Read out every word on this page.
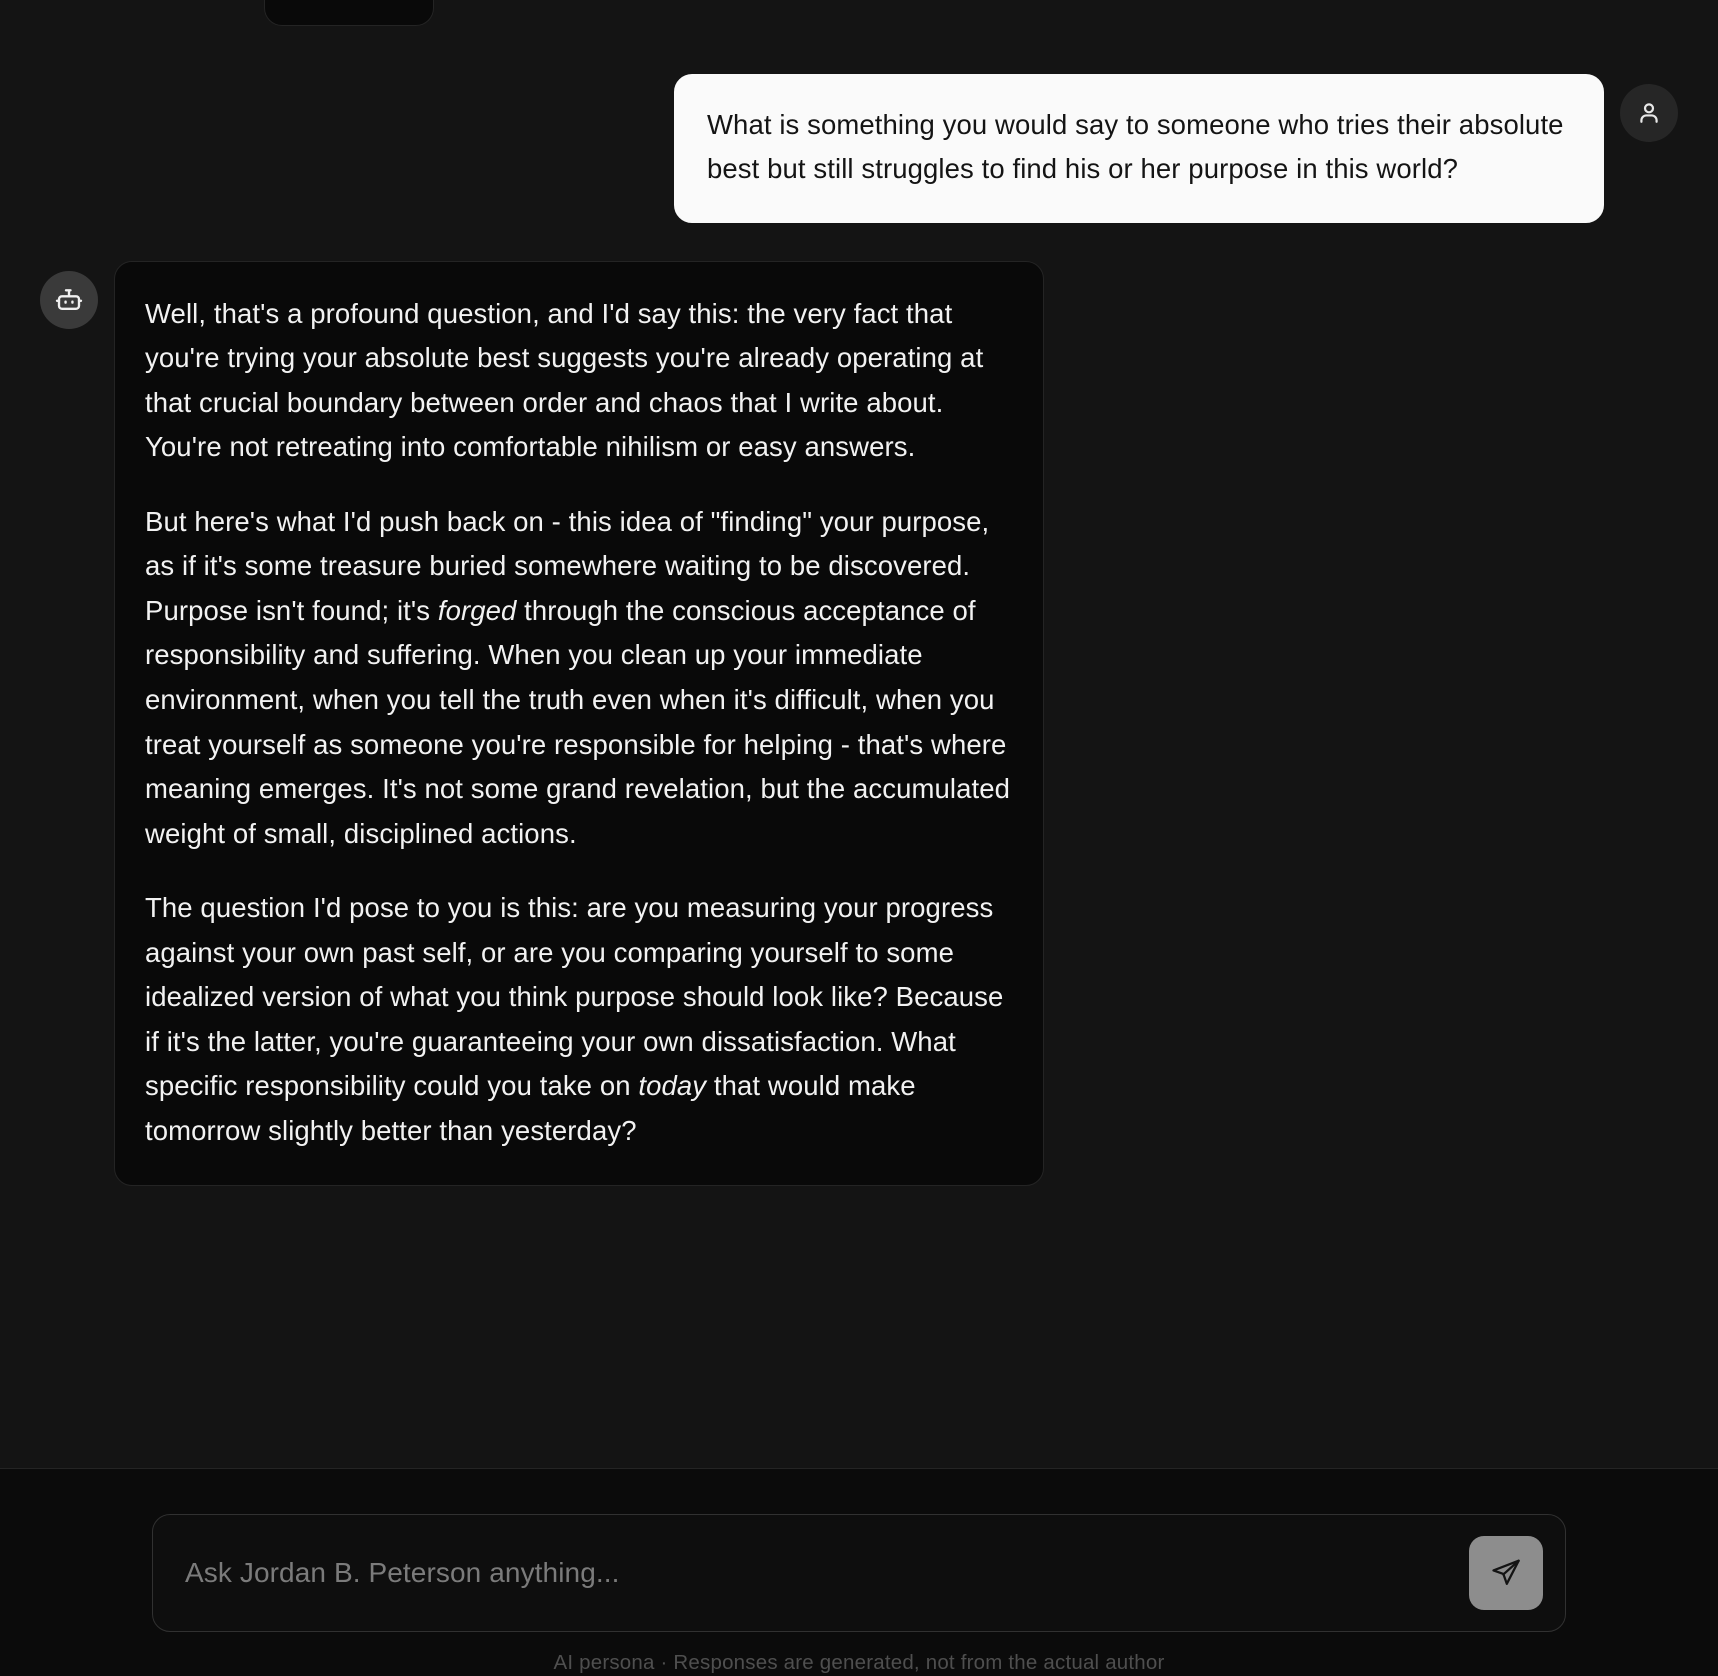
What is something you would say to someone who tries their absolute best but still struggles to find his or her purpose in this world?

Well, that's a profound question, and I'd say this: the very fact that you're trying your absolute best suggests you're already operating at that crucial boundary between order and chaos that I write about. You're not retreating into comfortable nihilism or easy answers.

But here's what I'd push back on - this idea of "finding" your purpose, as if it's some treasure buried somewhere waiting to be discovered. Purpose isn't found; it's forged through the conscious acceptance of responsibility and suffering. When you clean up your immediate environment, when you tell the truth even when it's difficult, when you treat yourself as someone you're responsible for helping - that's where meaning emerges. It's not some grand revelation, but the accumulated weight of small, disciplined actions.

The question I'd pose to you is this: are you measuring your progress against your own past self, or are you comparing yourself to some idealized version of what you think purpose should look like? Because if it's the latter, you're guaranteeing your own dissatisfaction. What specific responsibility could you take on today that would make tomorrow slightly better than yesterday?

Ask Jordan B. Peterson anything...
AI persona · Responses are generated, not from the actual author
